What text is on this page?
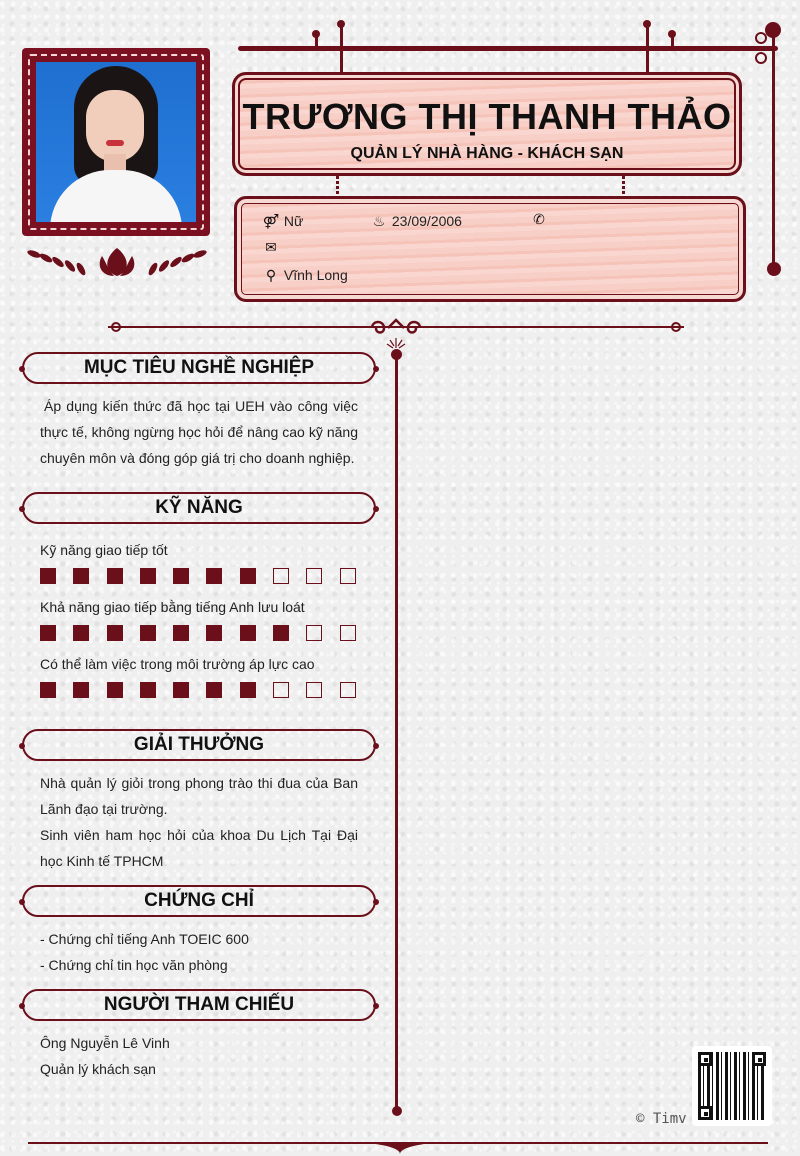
TRƯƠNG THỊ THANH THẢO
QUẢN LÝ NHÀ HÀNG - KHÁCH SẠN
⚤ Nữ	♨ 23/09/2006	✆
✉
⚲ Vĩnh Long
MỤC TIÊU NGHỀ NGHIỆP
Áp dụng kiến thức đã học tại UEH vào công việc thực tế, không ngừng học hỏi để nâng cao kỹ năng chuyên môn và đóng góp giá trị cho doanh nghiệp.
KỸ NĂNG
Kỹ năng giao tiếp tốt
Khả năng giao tiếp bằng tiếng Anh lưu loát
Có thể làm việc trong môi trường áp lực cao
GIẢI THƯỞNG
Nhà quản lý giỏi trong phong trào thi đua của Ban Lãnh đạo tại trường.
Sinh viên ham học hỏi của khoa Du Lịch Tại Đại học Kinh tế TPHCM
CHỨNG CHỈ
- Chứng chỉ tiếng Anh TOEIC 600
- Chứng chỉ tin học văn phòng
NGƯỜI THAM CHIẾU
Ông Nguyễn Lê Vinh
Quản lý khách sạn
© Timv
